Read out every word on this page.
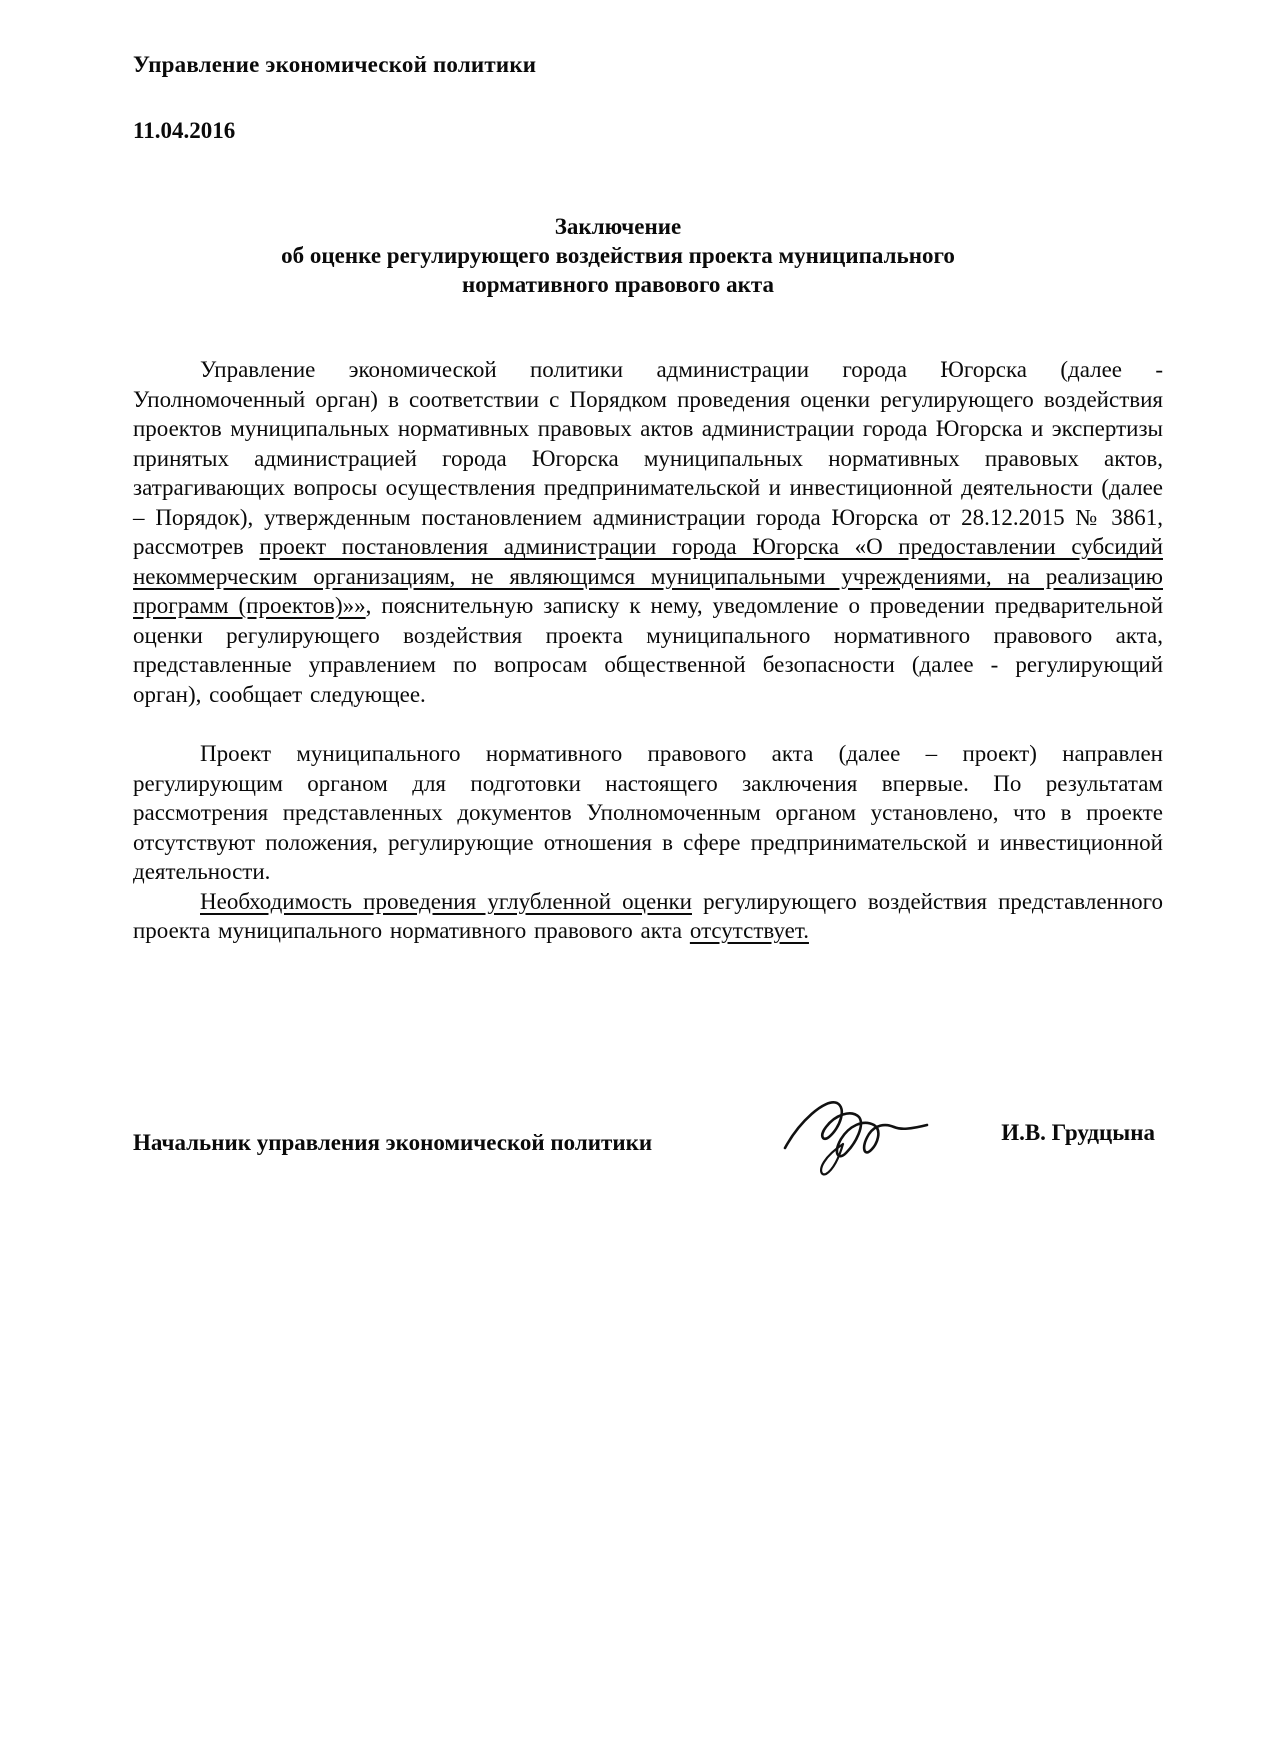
Управление экономической политики
11.04.2016
Заключение
об оценке регулирующего воздействия проекта муниципального
нормативного правового акта

Управление экономической политики администрации города Югорска (далее - Уполномоченный орган) в соответствии с Порядком проведения оценки регулирующего воздействия проектов муниципальных нормативных правовых актов администрации города Югорска и экспертизы принятых администрацией города Югорска муниципальных нормативных правовых актов, затрагивающих вопросы осуществления предпринимательской и инвестиционной деятельности (далее – Порядок), утвержденным постановлением администрации города Югорска от 28.12.2015 № 3861, рассмотрев проект постановления администрации города Югорска «О предоставлении субсидий некоммерческим организациям, не являющимся муниципальными учреждениями, на реализацию программ (проектов)»», пояснительную записку к нему, уведомление о проведении предварительной оценки регулирующего воздействия проекта муниципального нормативного правового акта, представленные управлением по вопросам общественной безопасности (далее - регулирующий орган), сообщает следующее.

Проект муниципального нормативного правового акта (далее – проект) направлен регулирующим органом для подготовки настоящего заключения впервые. По результатам рассмотрения представленных документов Уполномоченным органом установлено, что в проекте отсутствуют положения, регулирующие отношения в сфере предпринимательской и инвестиционной деятельности.

Необходимость проведения углубленной оценки регулирующего воздействия представленного проекта муниципального нормативного правового акта отсутствует.

Начальник управления экономической политики	И.В. Грудцына
